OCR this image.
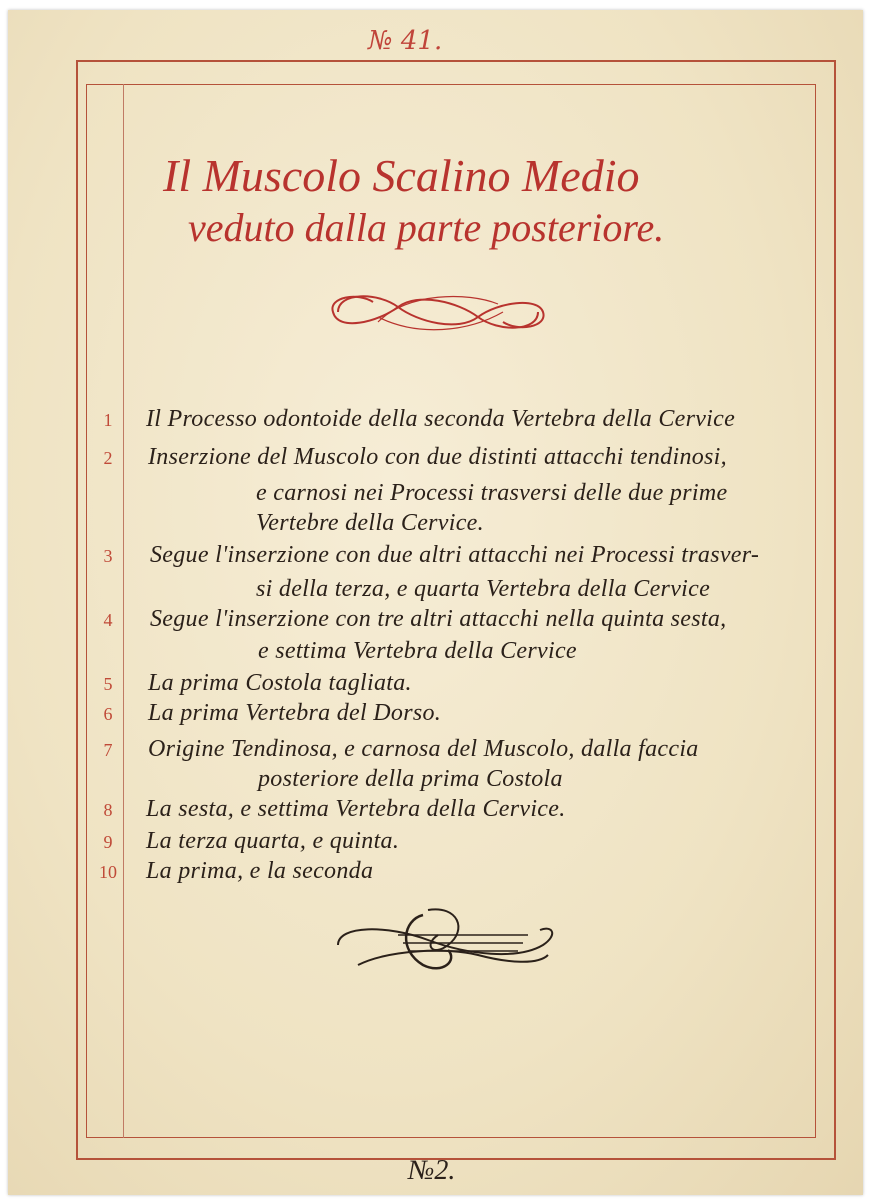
№ 41.
Il Muscolo Scalino Medio
veduto dalla parte posteriore.
1	Il Processo odontoide della seconda Vertebra della Cervice
2	Inserzione del Muscolo con due distinti attacchi tendinosi,
e carnosi nei Processi trasversi delle due prime
Vertebre della Cervice.
3	Segue l'inserzione con due altri attacchi nei Processi trasver-
si della terza, e quarta Vertebra della Cervice
4	Segue l'inserzione con tre altri attacchi nella quinta sesta,
e settima Vertebra della Cervice
5	La prima Costola tagliata.
6	La prima Vertebra del Dorso.
7	Origine Tendinosa, e carnosa del Muscolo, dalla faccia
posteriore della prima Costola
8	La sesta, e settima Vertebra della Cervice.
9	La terza quarta, e quinta.
10	La prima, e la seconda
№2.
